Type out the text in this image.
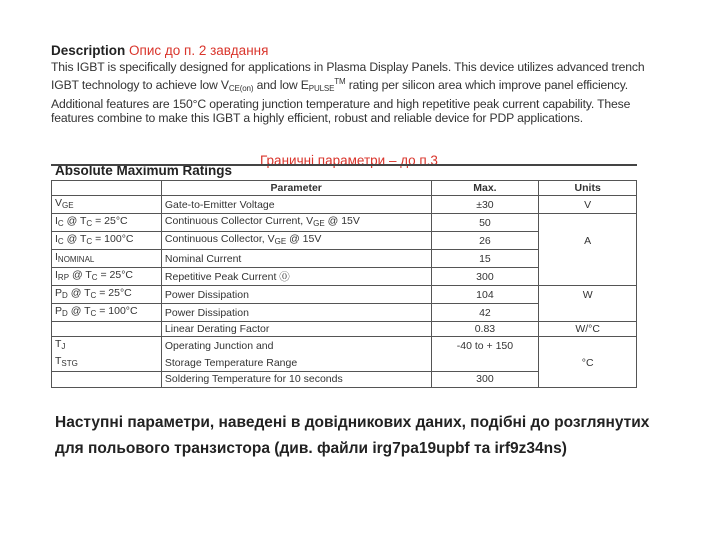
Description Опис до п. 2 завдання
This IGBT is specifically designed for applications in Plasma Display Panels. This device utilizes advanced trench IGBT technology to achieve low $V_{CE(on)}$ and low $E_{PULSE}™$ rating per silicon area which improve panel efficiency. Additional features are 150°C operating junction temperature and high repetitive peak current capability. These features combine to make this IGBT a highly efficient, robust and reliable device for PDP applications.
Absolute Maximum Ratings
Граничні параметри – до п.3
	Parameter	Max.	Units
$V_{GE}$	Gate-to-Emitter Voltage	±30	V
$I_C$ @ $T_C = 25^\circ C$	Continuous Collector Current, $V_{GE}$ @ 15V	50	
$I_C$ @ $T_C = 100^\circ C$	Continuous Collector, $V_{GE}$ @ 15V	26	A
$I_{NOMINAL}$	Nominal Current	15	
$I_{RP}$ @ $T_C = 25^\circ C$	Repetitive Peak Current ⓪	300	
$P_D$ @ $T_C = 25^\circ C$	Power Dissipation	104	W
$P_D$ @ $T_C = 100^\circ C$	Power Dissipation	42	
	Linear Derating Factor	0.83	W/°C
$T_J$	Operating Junction and	-40 to + 150	
$T_{STG}$	Storage Temperature Range		°C
	Soldering Temperature for 10 seconds	300	
Наступні параметри, наведені в довідникових даних, подібні до розглянутих для польового транзистора (див. файли irg7pa19upbf та irf9z34ns)
